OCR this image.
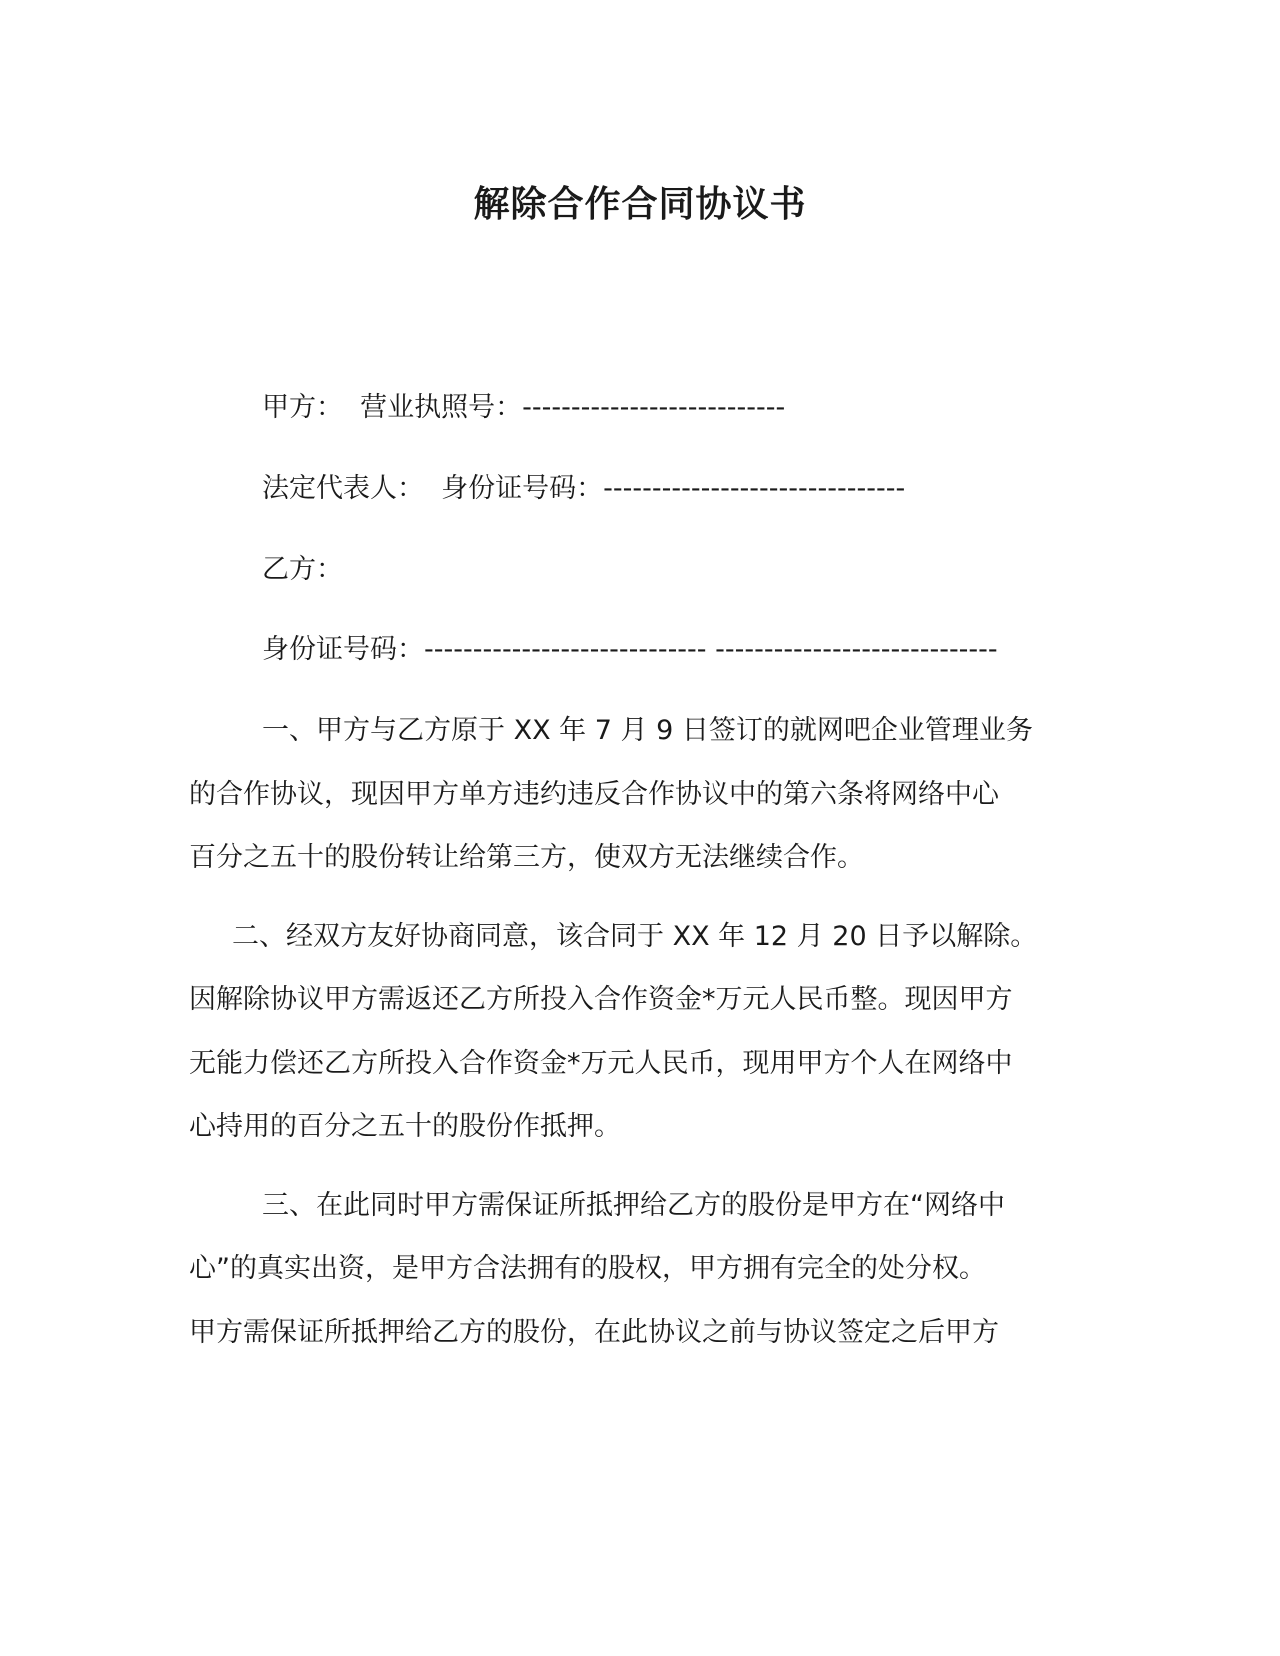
解除合作合同协议书

甲方：  营业执照号：---------------------------

法定代表人：  身份证号码：-------------------------------

乙方：

身份证号码：----------------------------- -----------------------------

一、甲方与乙方原于 XX 年 7 月 9 日签订的就网吧企业管理业务

的合作协议，现因甲方单方违约违反合作协议中的第六条将网络中心

百分之五十的股份转让给第三方，使双方无法继续合作。

二、经双方友好协商同意，该合同于 XX 年 12 月 20 日予以解除。

因解除协议甲方需返还乙方所投入合作资金*万元人民币整。现因甲方

无能力偿还乙方所投入合作资金*万元人民币，现用甲方个人在网络中

心持用的百分之五十的股份作抵押。

三、在此同时甲方需保证所抵押给乙方的股份是甲方在“网络中

心”的真实出资，是甲方合法拥有的股权，甲方拥有完全的处分权。

甲方需保证所抵押给乙方的股份，在此协议之前与协议签定之后甲方
